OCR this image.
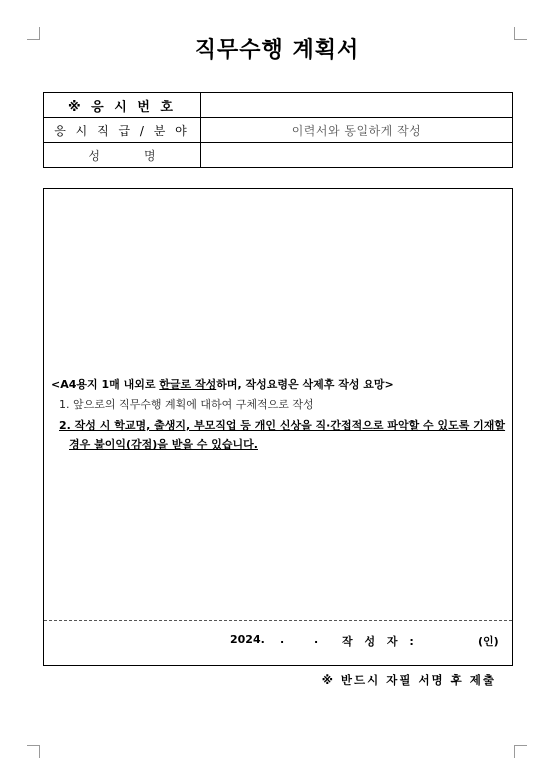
직무수행 계획서
※ 응 시 번 호	
응 시 직 급 / 분 야	이력서와 동일하게 작성
성 명	
<A4용지 1매 내외로 한글로 작성하며, 작성요령은 삭제후 작성 요망>
1. 앞으로의 직무수행 계획에 대하여 구체적으로 작성
2. 작성 시 학교명, 출생지, 부모직업 등 개인 신상을 직·간접적으로 파악할 수 있도록 기재할 경우 불이익(감점)을 받을 수 있습니다.
2024. .	. 작 성 자 :	(인)
※ 반드시 자필 서명 후 제출
